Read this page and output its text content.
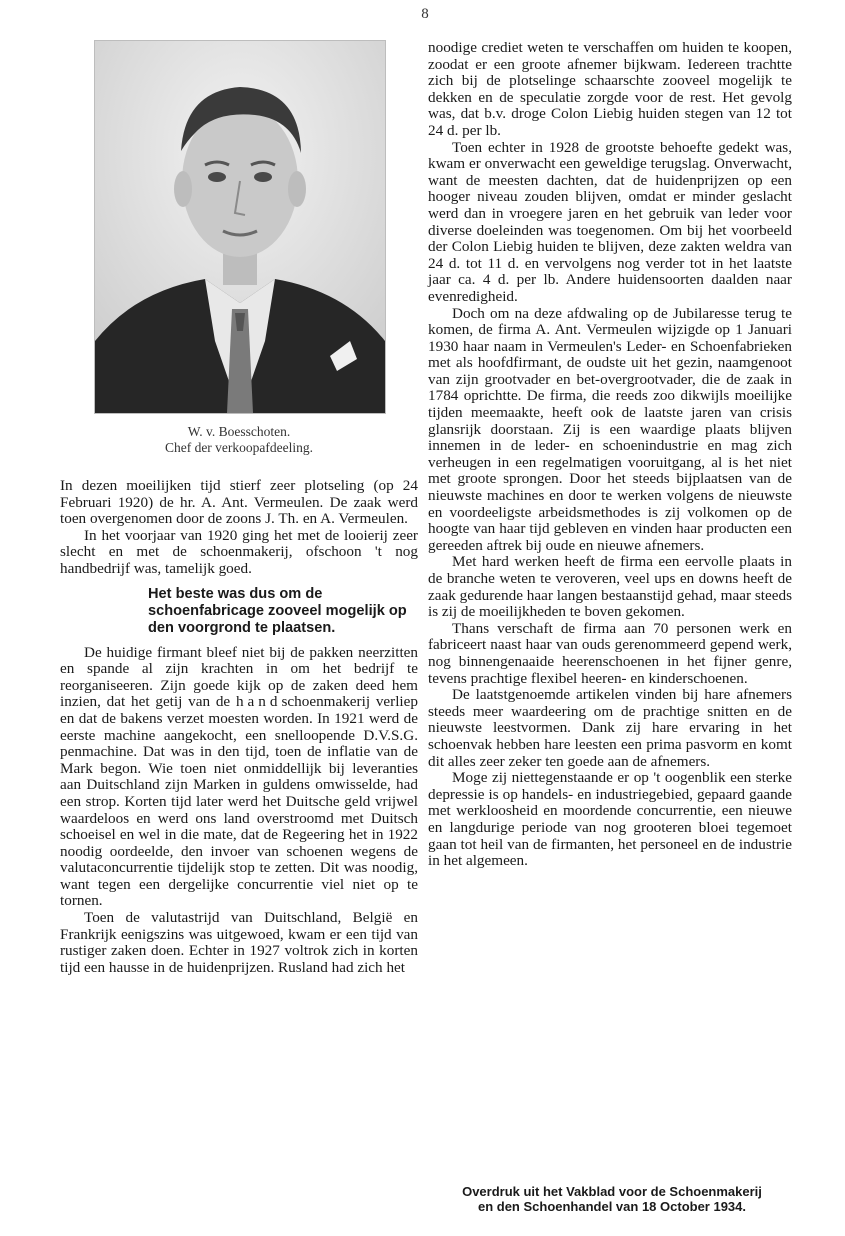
8
W. v. Boesschoten.
Chef der verkoopafdeeling.

In dezen moeilijken tijd stierf zeer plotseling (op 24 Februari 1920) de hr. A. Ant. Vermeulen. De zaak werd toen overgenomen door de zoons J. Th. en A. Vermeulen.

In het voorjaar van 1920 ging het met de looierij zeer slecht en met de schoenmakerij, ofschoon 't nog handbedrijf was, tamelijk goed.

Het beste was dus om de schoenfabricage zooveel mogelijk op den voorgrond te plaatsen.

De huidige firmant bleef niet bij de pakken neerzitten en spande al zijn krachten in om het bedrijf te reorganiseeren. Zijn goede kijk op de zaken deed hem inzien, dat het getij van de handschoenmakerij verliep en dat de bakens verzet moesten worden. In 1921 werd de eerste machine aangekocht, een snelloopende D.V.S.G. penmachine. Dat was in den tijd, toen de inflatie van de Mark begon. Wie toen niet onmiddellijk bij leveranties aan Duitschland zijn Marken in guldens omwisselde, had een strop. Korten tijd later werd het Duitsche geld vrijwel waardeloos en werd ons land overstroomd met Duitsch schoeisel en wel in die mate, dat de Regeering het in 1922 noodig oordeelde, den invoer van schoenen wegens de valutaconcurrentie tijdelijk stop te zetten. Dit was noodig, want tegen een dergelijke concurrentie viel niet op te tornen.

Toen de valutastrijd van Duitschland, België en Frankrijk eenigszins was uitgewoed, kwam er een tijd van rustiger zaken doen. Echter in 1927 voltrok zich in korten tijd een hausse in de huidenprijzen. Rusland had zich het

noodige crediet weten te verschaffen om huiden te koopen, zoodat er een groote afnemer bijkwam. Iedereen trachtte zich bij de plotselinge schaarschte zooveel mogelijk te dekken en de speculatie zorgde voor de rest. Het gevolg was, dat b.v. droge Colon Liebig huiden stegen van 12 tot 24 d. per lb.

Toen echter in 1928 de grootste behoefte gedekt was, kwam er onverwacht een geweldige terugslag. Onverwacht, want de meesten dachten, dat de huidenprijzen op een hooger niveau zouden blijven, omdat er minder geslacht werd dan in vroegere jaren en het gebruik van leder voor diverse doeleinden was toegenomen. Om bij het voorbeeld der Colon Liebig huiden te blijven, deze zakten weldra van 24 d. tot 11 d. en vervolgens nog verder tot in het laatste jaar ca. 4 d. per lb. Andere huidensoorten daalden naar evenredigheid.

Doch om na deze afdwaling op de Jubilaresse terug te komen, de firma A. Ant. Vermeulen wijzigde op 1 Januari 1930 haar naam in Vermeulen's Leder- en Schoenfabrieken met als hoofdfirmant, de oudste uit het gezin, naamgenoot van zijn grootvader en bet-overgrootvader, die de zaak in 1784 oprichtte. De firma, die reeds zoo dikwijls moeilijke tijden meemaakte, heeft ook de laatste jaren van crisis glansrijk doorstaan. Zij is een waardige plaats blijven innemen in de leder- en schoenindustrie en mag zich verheugen in een regelmatigen vooruitgang, al is het niet met groote sprongen. Door het steeds bijplaatsen van de nieuwste machines en door te werken volgens de nieuwste en voordeeligste arbeidsmethodes is zij volkomen op de hoogte van haar tijd gebleven en vinden haar producten een gereeden aftrek bij oude en nieuwe afnemers.

Met hard werken heeft de firma een eervolle plaats in de branche weten te veroveren, veel ups en downs heeft de zaak gedurende haar langen bestaanstijd gehad, maar steeds is zij de moeilijkheden te boven gekomen.

Thans verschaft de firma aan 70 personen werk en fabriceert naast haar van ouds gerenommeerd gepend werk, nog binnengenaaide heerenschoenen in het fijner genre, tevens prachtige flexibel heeren- en kinderschoenen.

De laatstgenoemde artikelen vinden bij hare afnemers steeds meer waardeering om de prachtige snitten en de nieuwste leestvormen. Dank zij hare ervaring in het schoenvak hebben hare leesten een prima pasvorm en komt dit alles zeer zeker ten goede aan de afnemers.

Moge zij niettegenstaande er op 't oogenblik een sterke depressie is op handels- en industriegebied, gepaard gaande met werkloosheid en moordende concurrentie, een nieuwe en langdurige periode van nog grooteren bloei tegemoet gaan tot heil van de firmanten, het personeel en de industrie in het algemeen.

Overdruk uit het Vakblad voor de Schoenmakerij
en den Schoenhandel van 18 October 1934.
